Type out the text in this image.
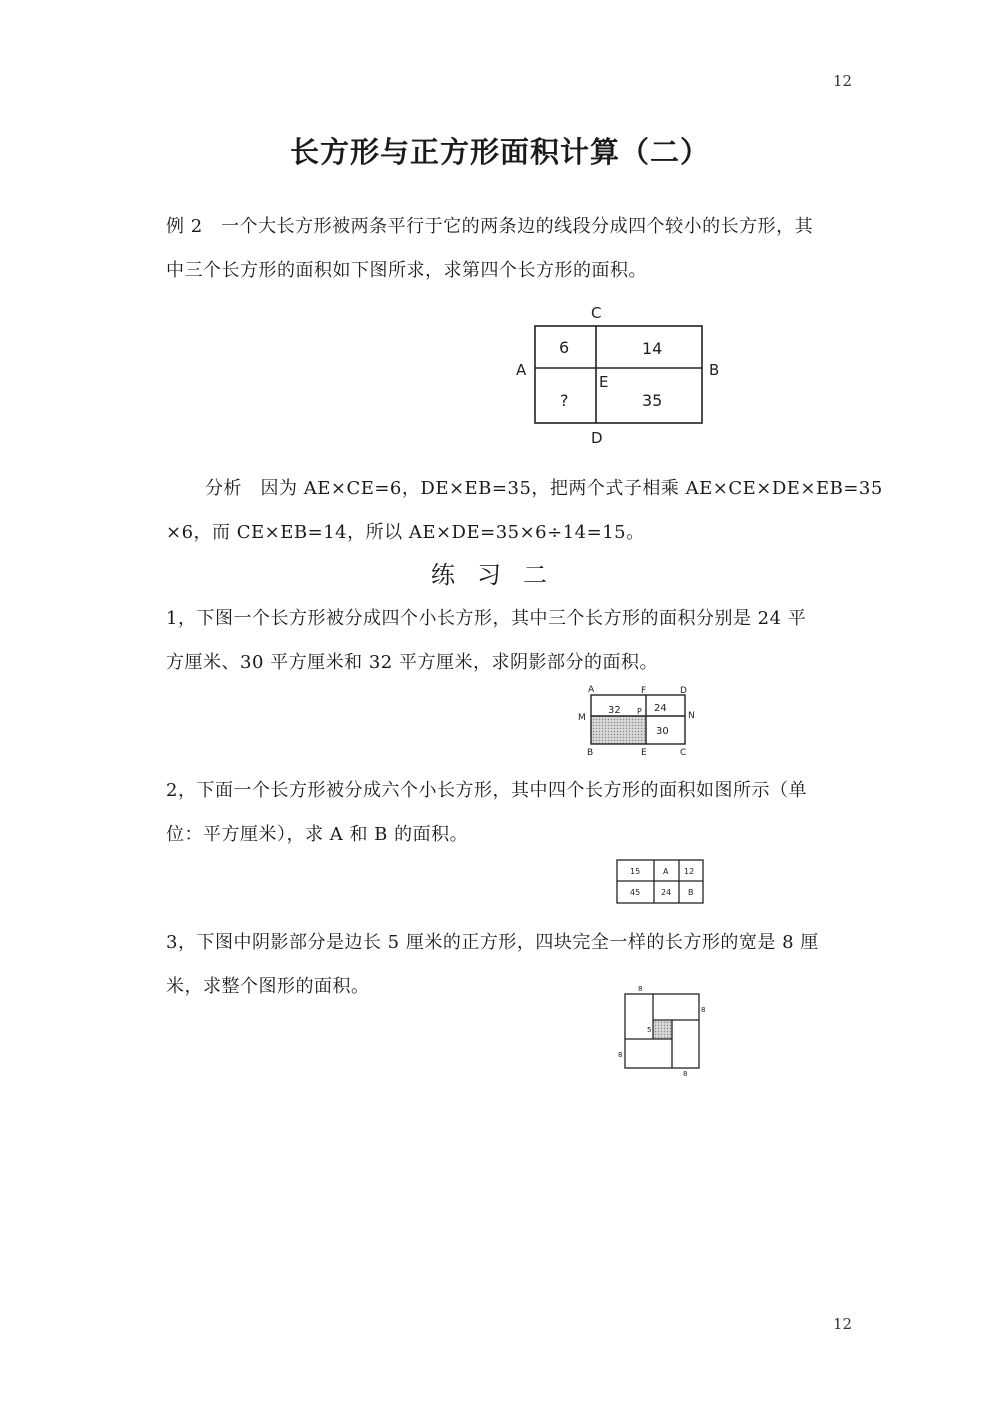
12
长方形与正方形面积计算（二）
例 2　一个大长方形被两条平行于它的两条边的线段分成四个较小的长方形，其
中三个长方形的面积如下图所求，求第四个长方形的面积。
C
A	B
E
D
6	14
?	35
分析　因为 AE×CE=6，DE×EB=35，把两个式子相乘 AE×CE×DE×EB=35
×6，而 CE×EB=14，所以 AE×DE=35×6÷14=15。
练习二
1，下图一个长方形被分成四个小长方形，其中三个长方形的面积分别是 24 平
方厘米、30 平方厘米和 32 平方厘米，求阴影部分的面积。
A	F	D
M
P	N
B	E	C
32	24
30
2，下面一个长方形被分成六个小长方形，其中四个长方形的面积如图所示（单
位：平方厘米），求 A 和 B 的面积。
15	A 12
45	24 B
3，下图中阴影部分是边长 5 厘米的正方形，四块完全一样的长方形的宽是 8 厘
米，求整个图形的面积。	8
8
5
8
8
12
